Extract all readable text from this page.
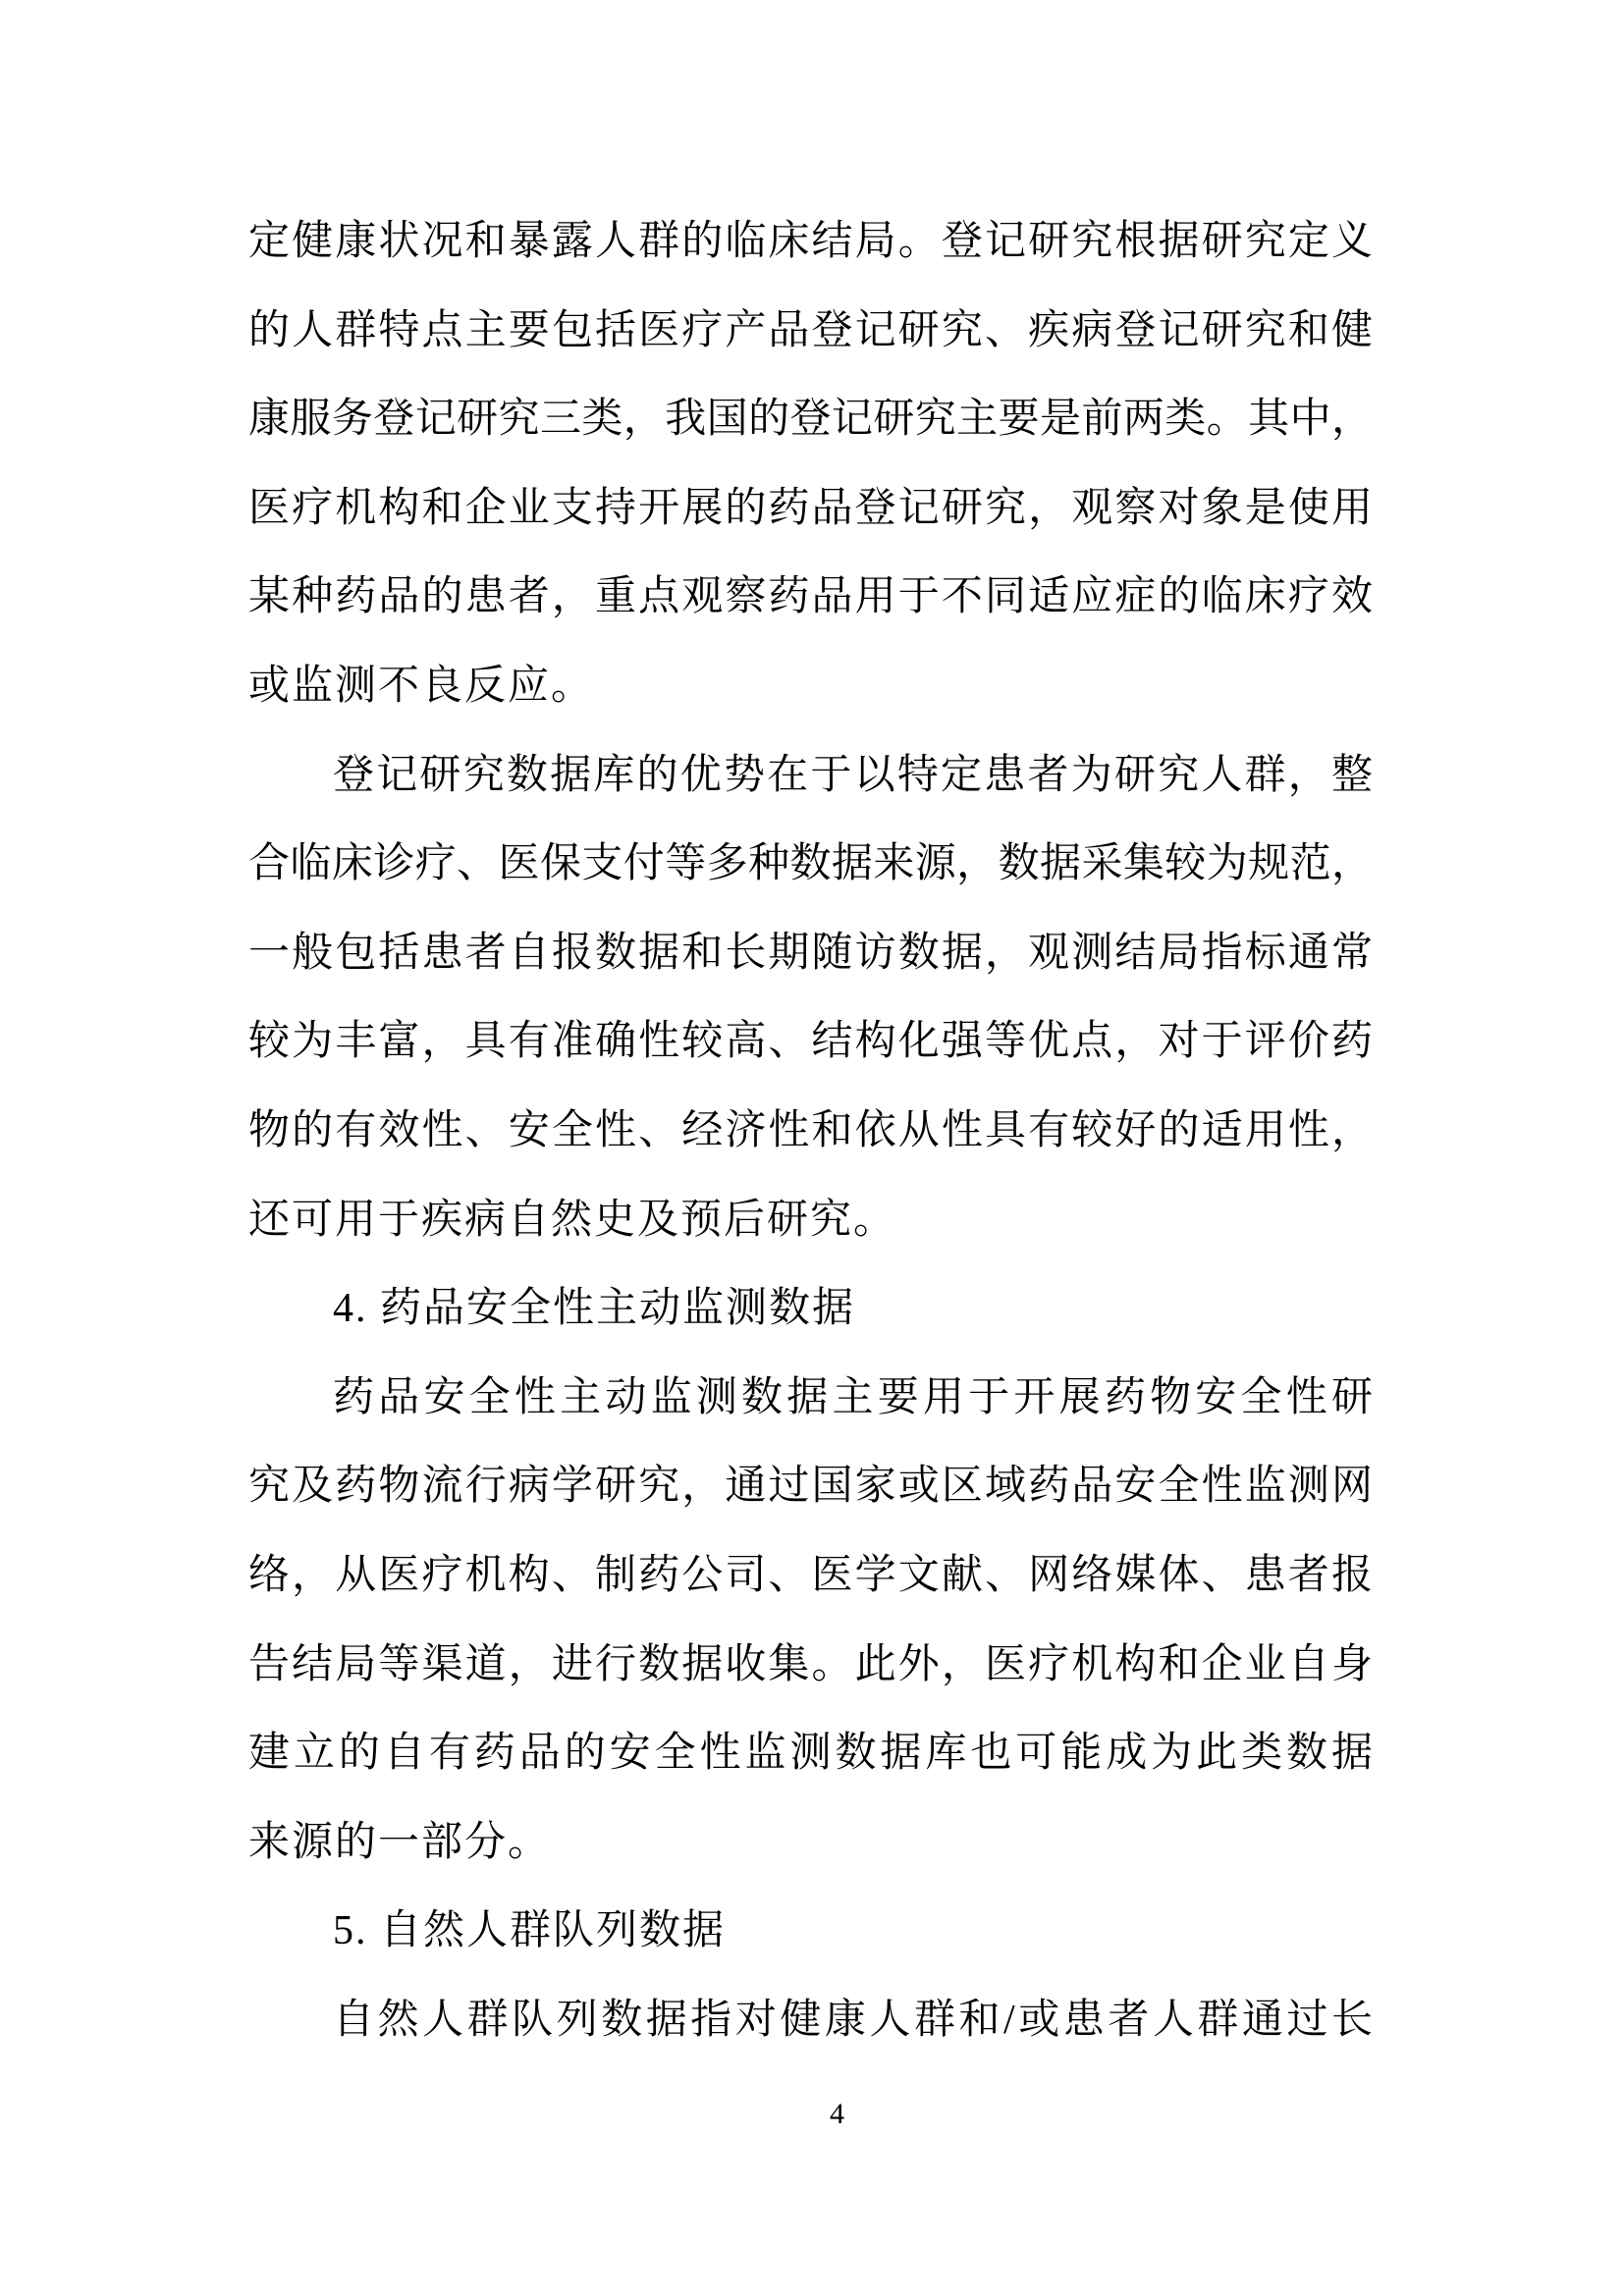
定健康状况和暴露人群的临床结局。登记研究根据研究定义
的人群特点主要包括医疗产品登记研究、疾病登记研究和健
康服务登记研究三类，我国的登记研究主要是前两类。其中，
医疗机构和企业支持开展的药品登记研究，观察对象是使用
某种药品的患者，重点观察药品用于不同适应症的临床疗效
或监测不良反应。
登记研究数据库的优势在于以特定患者为研究人群，整
合临床诊疗、医保支付等多种数据来源，数据采集较为规范，
一般包括患者自报数据和长期随访数据，观测结局指标通常
较为丰富，具有准确性较高、结构化强等优点，对于评价药
物的有效性、安全性、经济性和依从性具有较好的适用性，
还可用于疾病自然史及预后研究。
4. 药品安全性主动监测数据
药品安全性主动监测数据主要用于开展药物安全性研
究及药物流行病学研究，通过国家或区域药品安全性监测网
络，从医疗机构、制药公司、医学文献、网络媒体、患者报
告结局等渠道，进行数据收集。此外，医疗机构和企业自身
建立的自有药品的安全性监测数据库也可能成为此类数据
来源的一部分。
5. 自然人群队列数据
自然人群队列数据指对健康人群和/或患者人群通过长
4
